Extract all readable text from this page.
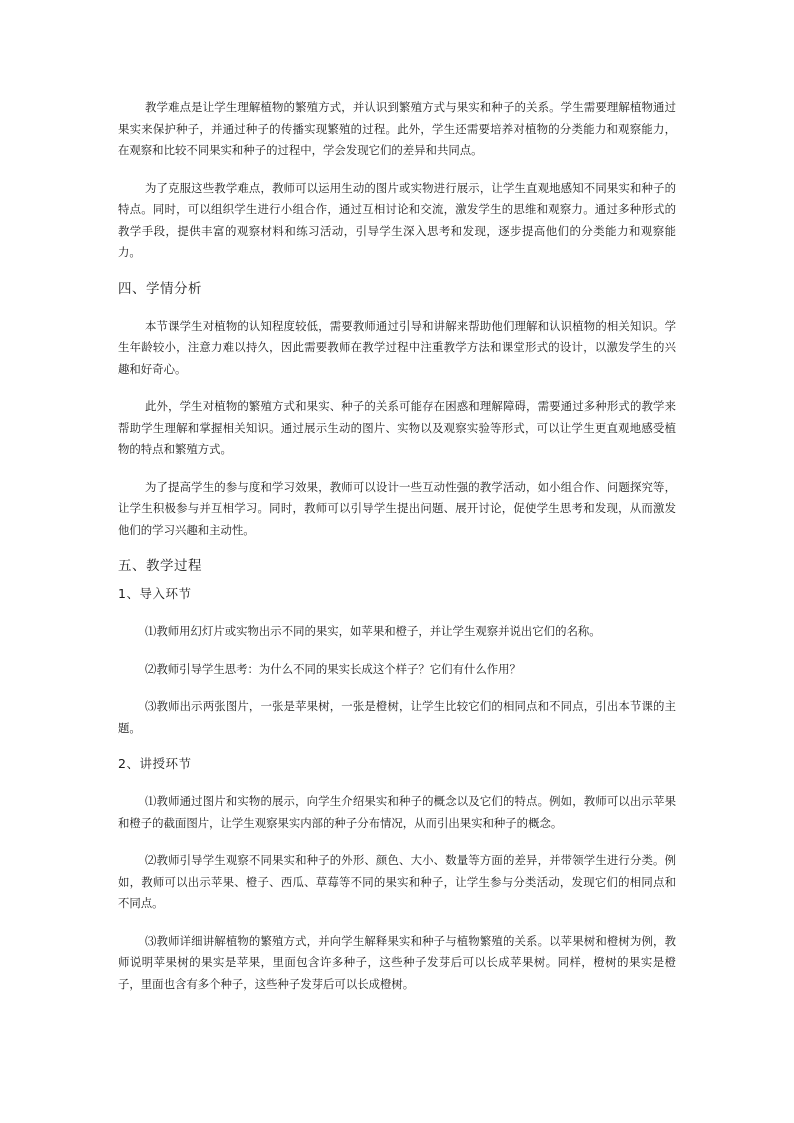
教学难点是让学生理解植物的繁殖方式，并认识到繁殖方式与果实和种子的关系。学生需要理解植物通过果实来保护种子，并通过种子的传播实现繁殖的过程。此外，学生还需要培养对植物的分类能力和观察能力，在观察和比较不同果实和种子的过程中，学会发现它们的差异和共同点。

为了克服这些教学难点，教师可以运用生动的图片或实物进行展示，让学生直观地感知不同果实和种子的特点。同时，可以组织学生进行小组合作，通过互相讨论和交流，激发学生的思维和观察力。通过多种形式的教学手段，提供丰富的观察材料和练习活动，引导学生深入思考和发现，逐步提高他们的分类能力和观察能力。

四、学情分析

本节课学生对植物的认知程度较低，需要教师通过引导和讲解来帮助他们理解和认识植物的相关知识。学生年龄较小，注意力难以持久，因此需要教师在教学过程中注重教学方法和课堂形式的设计，以激发学生的兴趣和好奇心。

此外，学生对植物的繁殖方式和果实、种子的关系可能存在困惑和理解障碍，需要通过多种形式的教学来帮助学生理解和掌握相关知识。通过展示生动的图片、实物以及观察实验等形式，可以让学生更直观地感受植物的特点和繁殖方式。

为了提高学生的参与度和学习效果，教师可以设计一些互动性强的教学活动，如小组合作、问题探究等，让学生积极参与并互相学习。同时，教师可以引导学生提出问题、展开讨论，促使学生思考和发现，从而激发他们的学习兴趣和主动性。

五、教学过程
1、导入环节

⑴教师用幻灯片或实物出示不同的果实，如苹果和橙子，并让学生观察并说出它们的名称。

⑵教师引导学生思考：为什么不同的果实长成这个样子？它们有什么作用？

⑶教师出示两张图片，一张是苹果树，一张是橙树，让学生比较它们的相同点和不同点，引出本节课的主题。

2、讲授环节

⑴教师通过图片和实物的展示，向学生介绍果实和种子的概念以及它们的特点。例如，教师可以出示苹果和橙子的截面图片，让学生观察果实内部的种子分布情况，从而引出果实和种子的概念。

⑵教师引导学生观察不同果实和种子的外形、颜色、大小、数量等方面的差异，并带领学生进行分类。例如，教师可以出示苹果、橙子、西瓜、草莓等不同的果实和种子，让学生参与分类活动，发现它们的相同点和不同点。

⑶教师详细讲解植物的繁殖方式，并向学生解释果实和种子与植物繁殖的关系。以苹果树和橙树为例，教师说明苹果树的果实是苹果，里面包含许多种子，这些种子发芽后可以长成苹果树。同样，橙树的果实是橙子，里面也含有多个种子，这些种子发芽后可以长成橙树。
